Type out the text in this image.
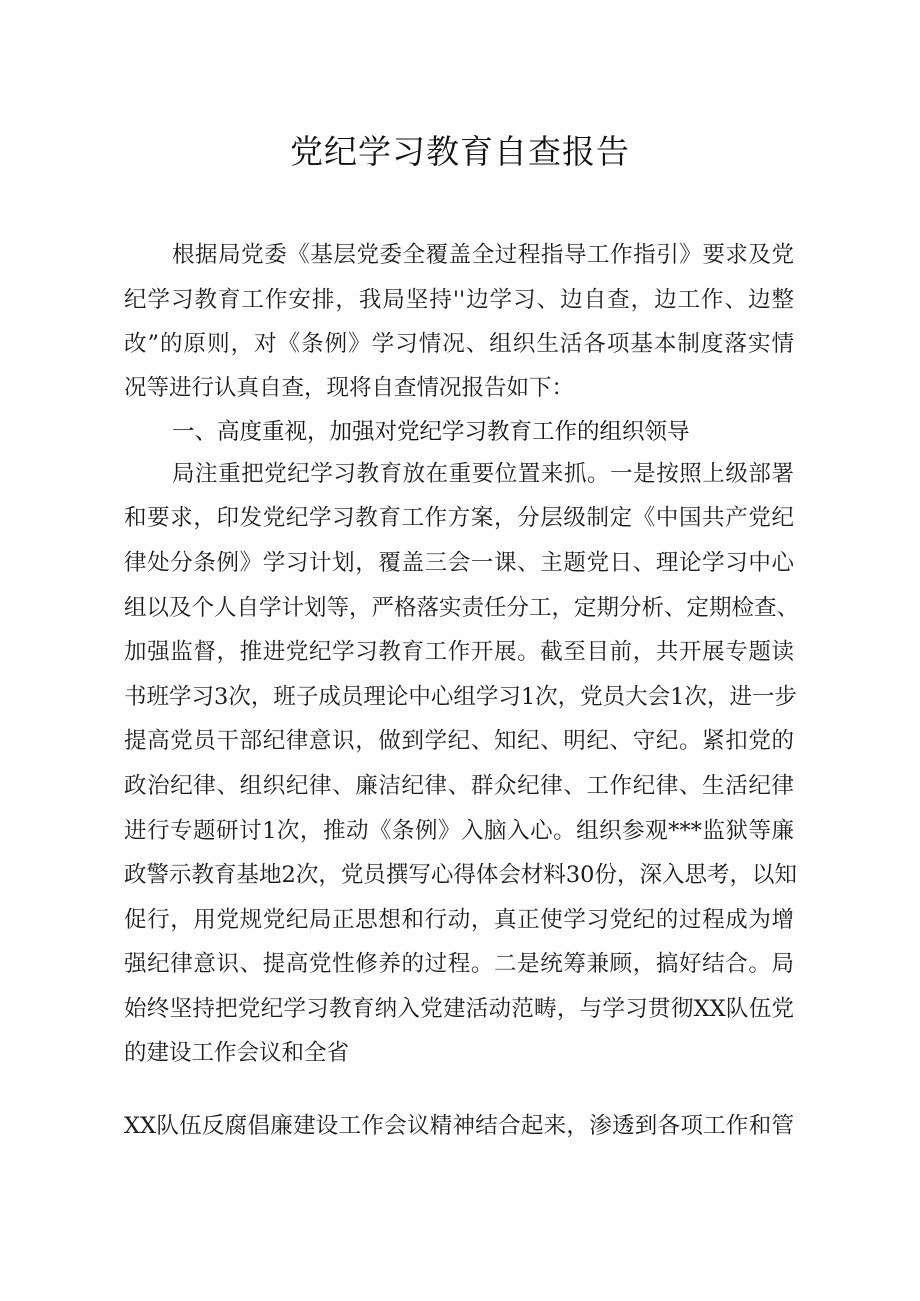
党纪学习教育自查报告
根据局党委《基层党委全覆盖全过程指导工作指引》要求及党
纪学习教育工作安排，我局坚持''边学习、边自查，边工作、边整
改”的原则，对《条例》学习情况、组织生活各项基本制度落实情
况等进行认真自查，现将自查情况报告如下：
一、高度重视，加强对党纪学习教育工作的组织领导
局注重把党纪学习教育放在重要位置来抓。一是按照上级部署
和要求，印发党纪学习教育工作方案，分层级制定《中国共产党纪
律处分条例》学习计划，覆盖三会一课、主题党日、理论学习中心
组以及个人自学计划等，严格落实责任分工，定期分析、定期检查、
加强监督，推进党纪学习教育工作开展。截至目前，共开展专题读
书班学习3次，班子成员理论中心组学习1次，党员大会1次，进一步
提高党员干部纪律意识，做到学纪、知纪、明纪、守纪。紧扣党的
政治纪律、组织纪律、廉洁纪律、群众纪律、工作纪律、生活纪律
进行专题研讨1次，推动《条例》入脑入心。组织参观***监狱等廉
政警示教育基地2次，党员撰写心得体会材料30份，深入思考，以知
促行，用党规党纪局正思想和行动，真正使学习党纪的过程成为增
强纪律意识、提高党性修养的过程。二是统筹兼顾，搞好结合。局
始终坚持把党纪学习教育纳入党建活动范畴，与学习贯彻XX队伍党
的建设工作会议和全省
XX队伍反腐倡廉建设工作会议精神结合起来，渗透到各项工作和管
